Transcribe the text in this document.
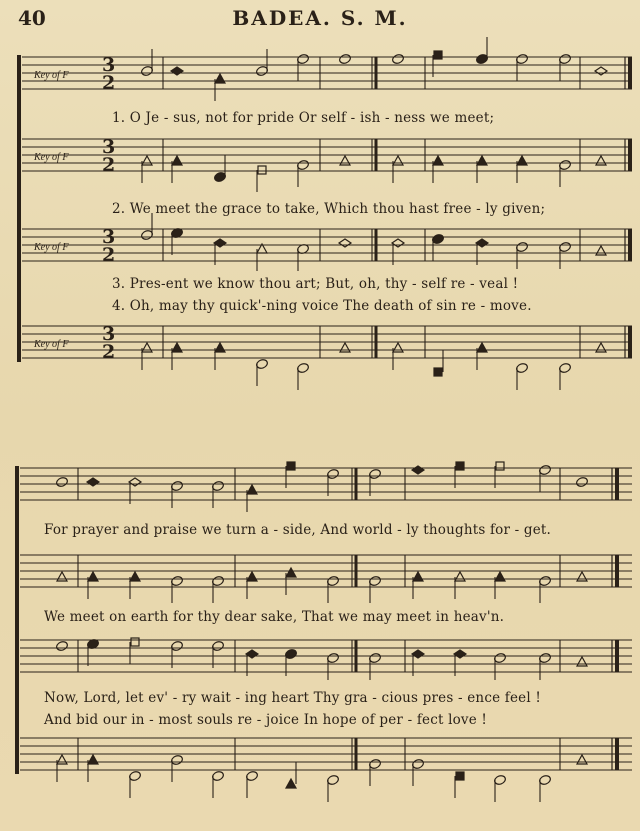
40	BADEA. S. M.
Key of F 3
2
Key of F 3
2
Key of F 3
2
Key of F 3
2
1. O Je - sus, not for pride Or self - ish - ness we meet;
2. We meet the grace to take, Which thou hast free - ly given;
3. Pres-ent we know thou art; But, oh, thy - self re - veal !
4. Oh, may thy quick'-ning voice The death of sin re - move.
For prayer and praise we turn a - side, And world - ly thoughts for - get.
We meet on earth for thy dear sake, That we may meet in heav'n.
Now, Lord, let ev' - ry wait - ing heart Thy gra - cious pres - ence feel !
And bid our in - most souls re - joice In hope of per - fect love !
